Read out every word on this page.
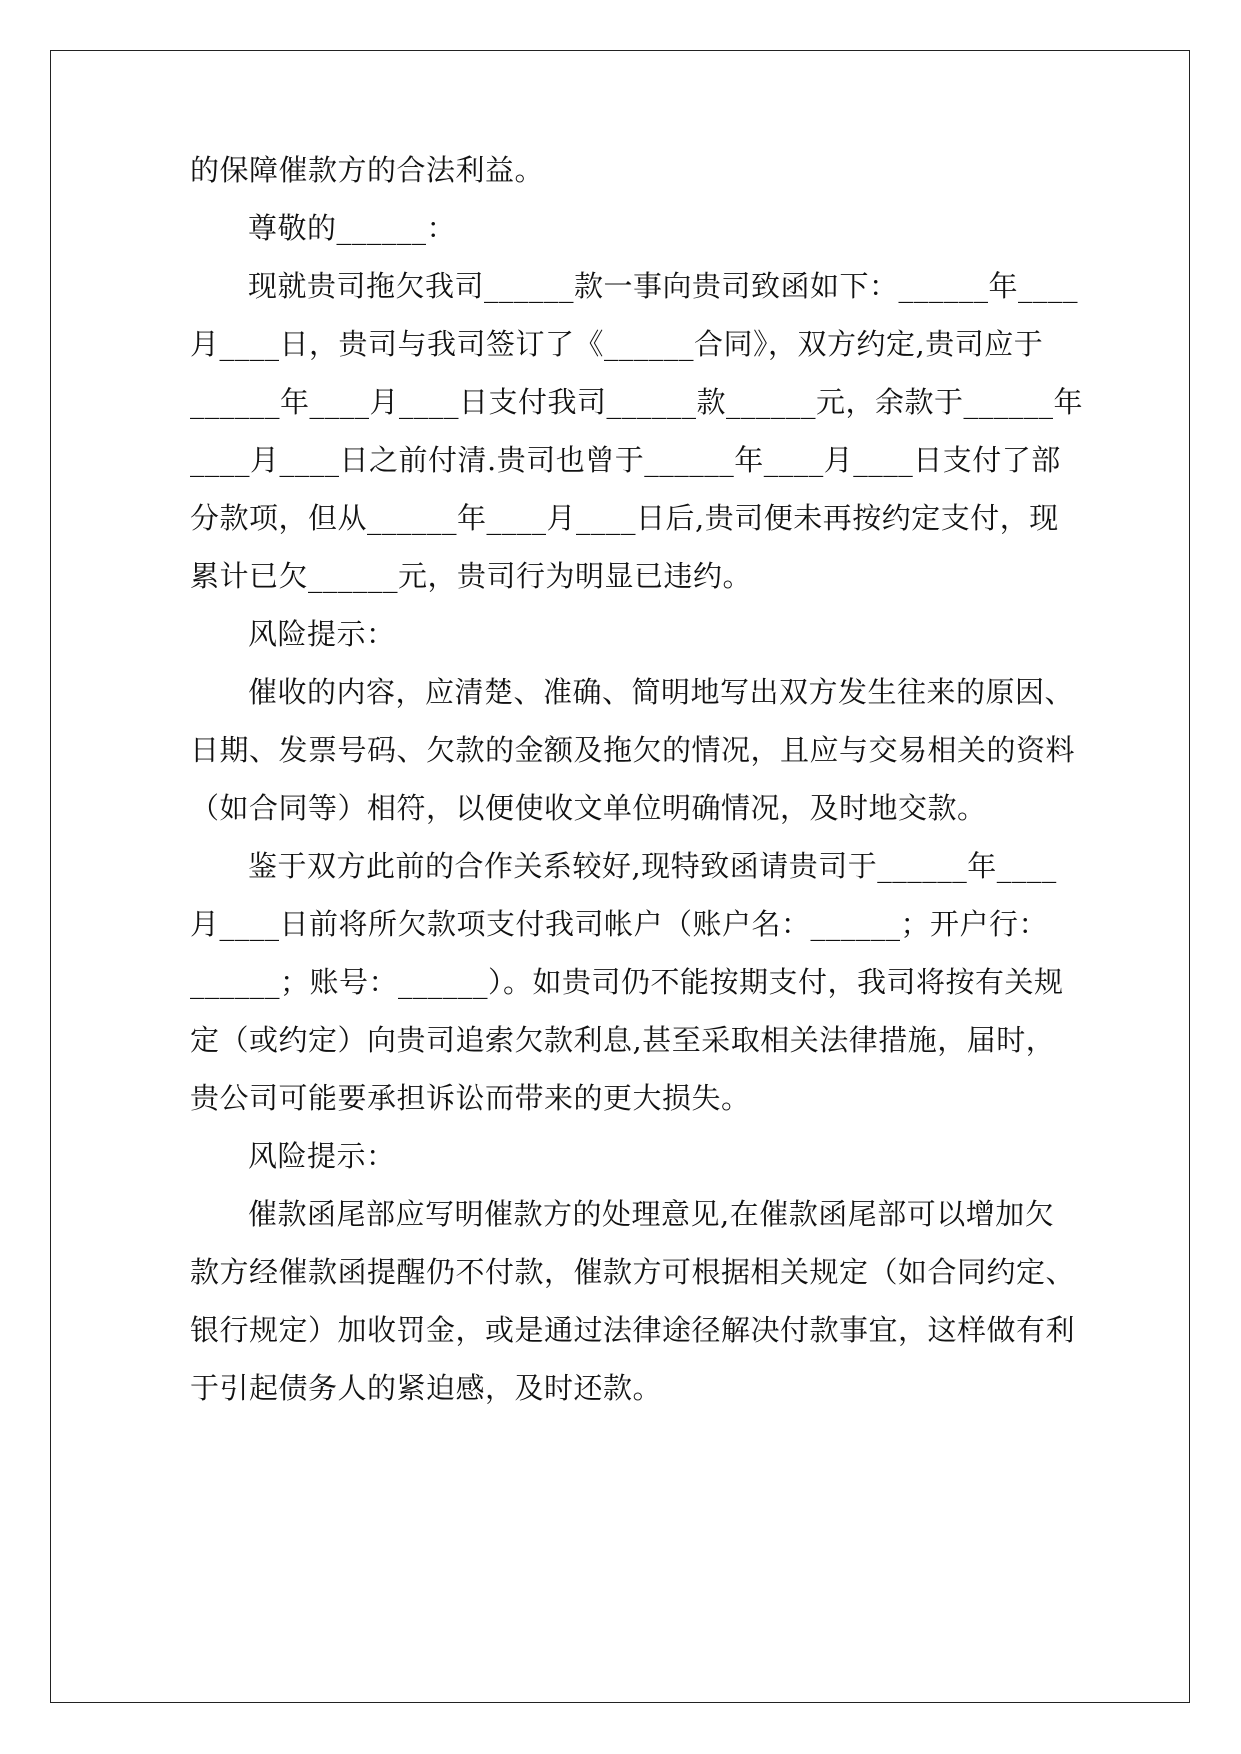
的保障催款方的合法利益。
尊敬的______：
现就贵司拖欠我司______款一事向贵司致函如下：______年____
月____日，贵司与我司签订了《______合同》，双方约定,贵司应于
______年____月____日支付我司______款______元，余款于______年
____月____日之前付清.贵司也曾于______年____月____日支付了部
分款项，但从______年____月____日后,贵司便未再按约定支付，现
累计已欠______元，贵司行为明显已违约。
风险提示：
催收的内容，应清楚、准确、简明地写出双方发生往来的原因、
日期、发票号码、欠款的金额及拖欠的情况，且应与交易相关的资料
（如合同等）相符，以便使收文单位明确情况，及时地交款。
鉴于双方此前的合作关系较好,现特致函请贵司于______年____
月____日前将所欠款项支付我司帐户（账户名：______；开户行：
______；账号：______）。如贵司仍不能按期支付，我司将按有关规
定（或约定）向贵司追索欠款利息,甚至采取相关法律措施，届时，
贵公司可能要承担诉讼而带来的更大损失。
风险提示：
催款函尾部应写明催款方的处理意见,在催款函尾部可以增加欠
款方经催款函提醒仍不付款，催款方可根据相关规定（如合同约定、
银行规定）加收罚金，或是通过法律途径解决付款事宜，这样做有利
于引起债务人的紧迫感，及时还款。
